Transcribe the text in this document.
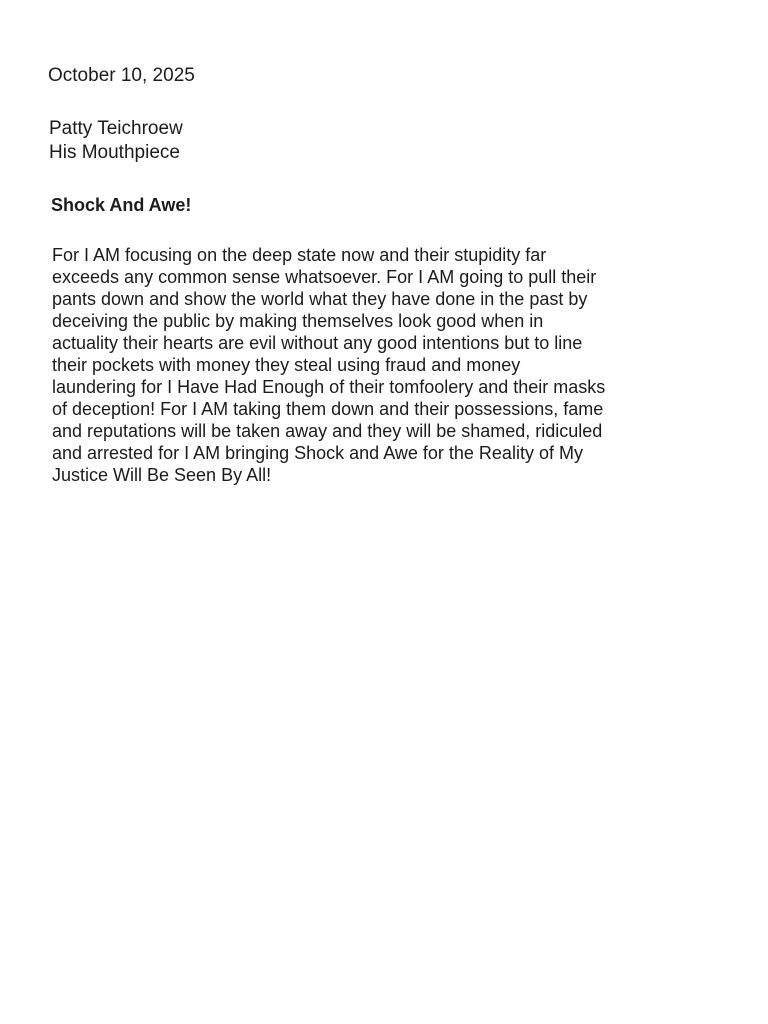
October 10, 2025
Patty Teichroew
His Mouthpiece
Shock And Awe!
For I AM focusing on the deep state now and their stupidity far
exceeds any common sense whatsoever. For I AM going to pull their
pants down and show the world what they have done in the past by
deceiving the public by making themselves look good when in
actuality their hearts are evil without any good intentions but to line
their pockets with money they steal using fraud and money
laundering for I Have Had Enough of their tomfoolery and their masks
of deception! For I AM taking them down and their possessions, fame
and reputations will be taken away and they will be shamed, ridiculed
and arrested for I AM bringing Shock and Awe for the Reality of My
Justice Will Be Seen By All!
